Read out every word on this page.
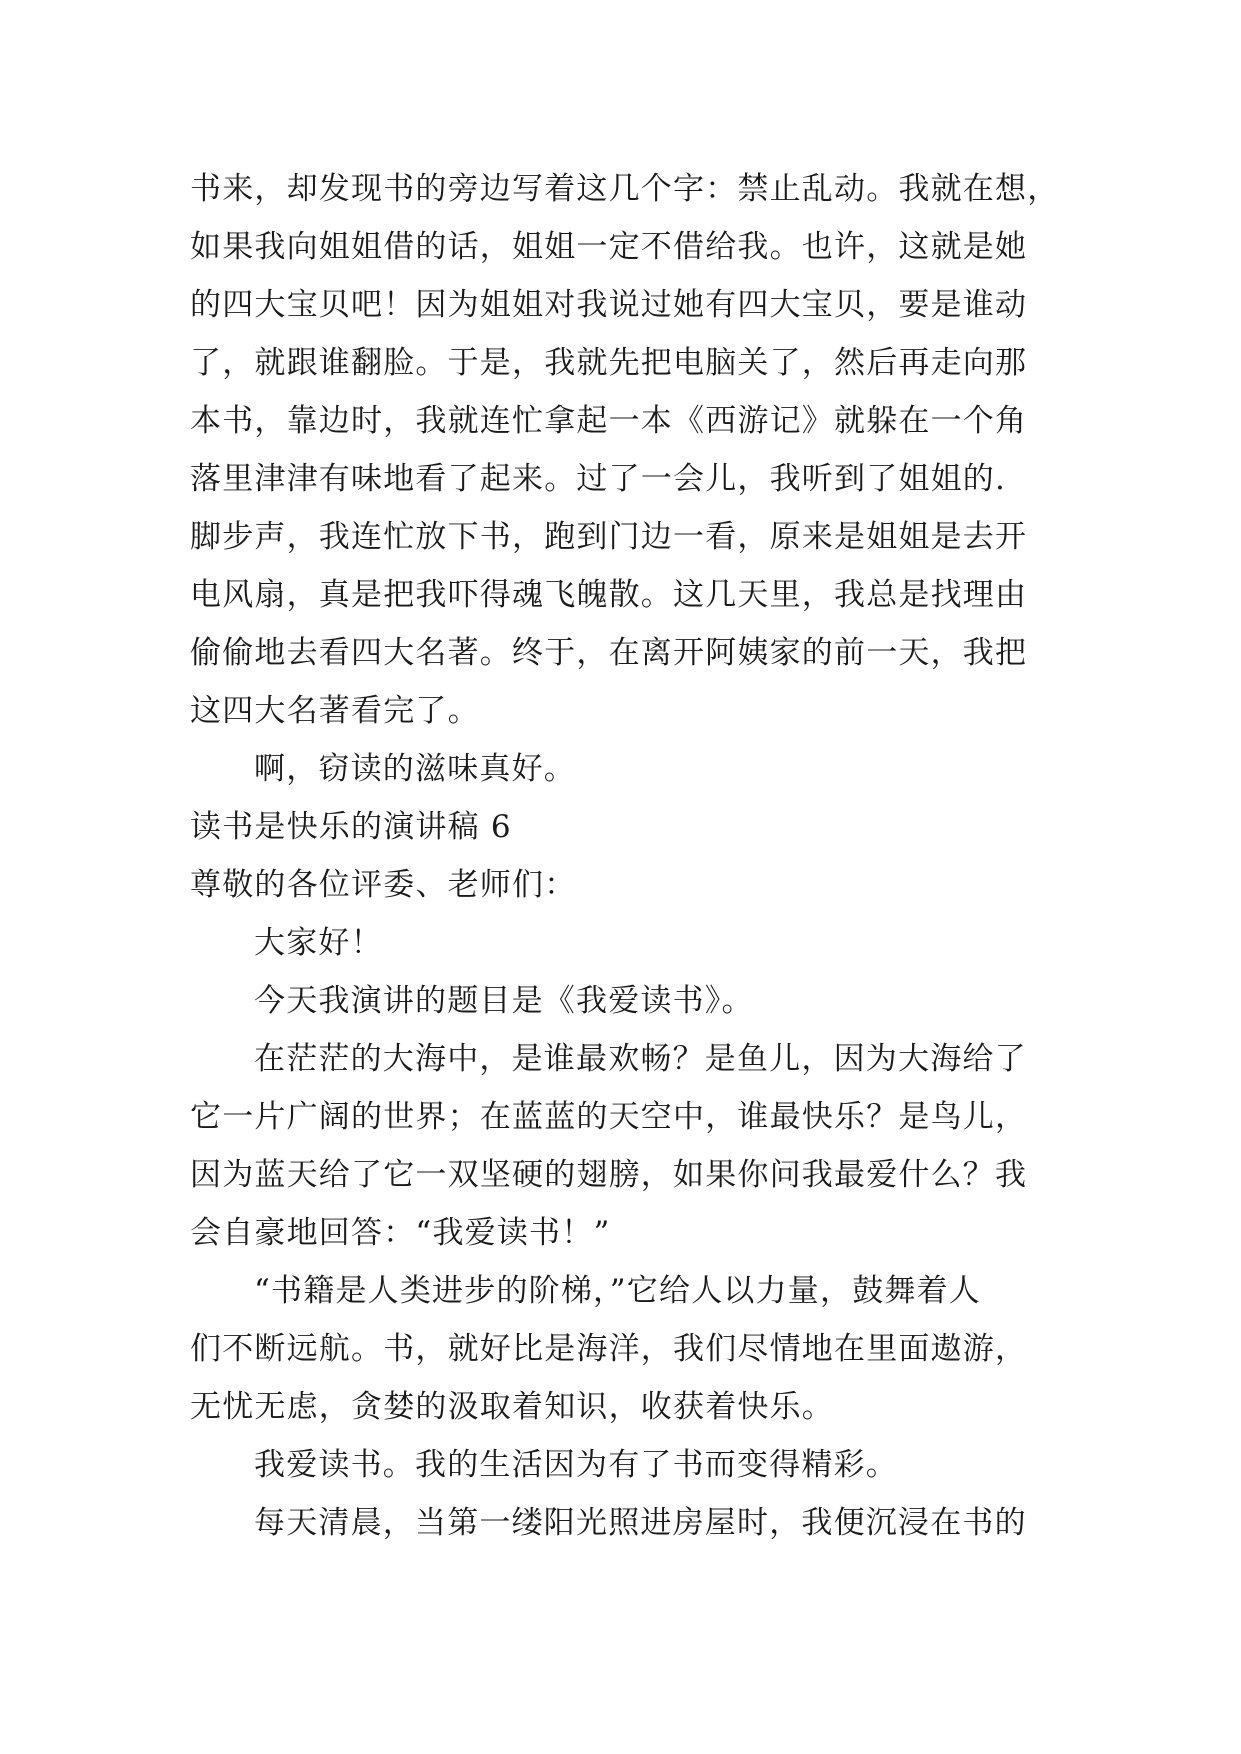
书来，却发现书的旁边写着这几个字：禁止乱动。我就在想，
如果我向姐姐借的话，姐姐一定不借给我。也许，这就是她
的四大宝贝吧！因为姐姐对我说过她有四大宝贝，要是谁动
了，就跟谁翻脸。于是，我就先把电脑关了，然后再走向那
本书，靠边时，我就连忙拿起一本《西游记》就躲在一个角
落里津津有味地看了起来。过了一会儿，我听到了姐姐的.
脚步声，我连忙放下书，跑到门边一看，原来是姐姐是去开
电风扇，真是把我吓得魂飞魄散。这几天里，我总是找理由
偷偷地去看四大名著。终于，在离开阿姨家的前一天，我把
这四大名著看完了。
啊，窃读的滋味真好。
读书是快乐的演讲稿 6
尊敬的各位评委、老师们：
大家好！
今天我演讲的题目是《我爱读书》。
在茫茫的大海中，是谁最欢畅？是鱼儿，因为大海给了
它一片广阔的世界；在蓝蓝的天空中，谁最快乐？是鸟儿，
因为蓝天给了它一双坚硬的翅膀，如果你问我最爱什么？我
会自豪地回答：“我爱读书！”
“书籍是人类进步的阶梯，”它给人以力量，鼓舞着人
们不断远航。书，就好比是海洋，我们尽情地在里面遨游，
无忧无虑，贪婪的汲取着知识，收获着快乐。
我爱读书。我的生活因为有了书而变得精彩。
每天清晨，当第一缕阳光照进房屋时，我便沉浸在书的
